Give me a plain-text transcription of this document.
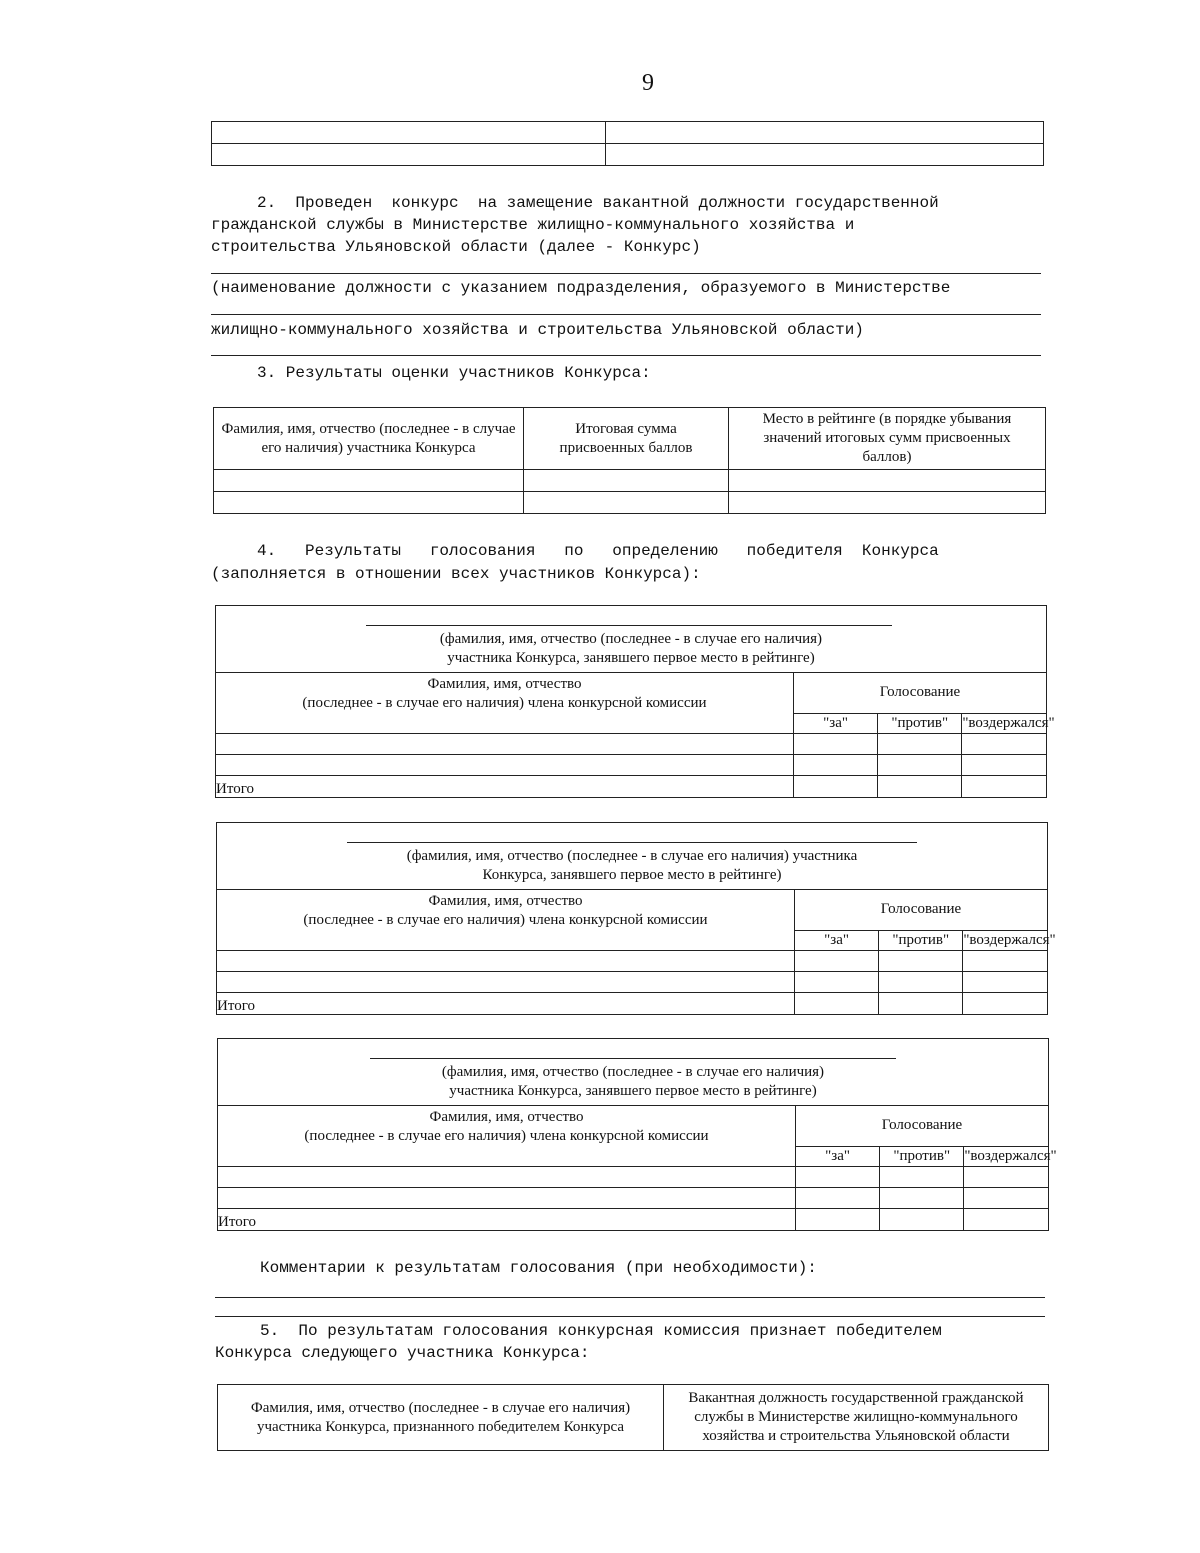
9

2.  Проведен  конкурс  на замещение вакантной должности государственной
гражданской службы в Министерстве жилищно-коммунального хозяйства и
строительства Ульяновской области (далее - Конкурс)
(наименование должности с указанием подразделения, образуемого в Министерстве
жилищно-коммунального хозяйства и строительства Ульяновской области)
3. Результаты оценки участников Конкурса:
Фамилия, имя, отчество (последнее - в случае его наличия) участника Конкурса	Итоговая сумма присвоенных баллов	Место в рейтинге (в порядке убывания значений итоговых сумм присвоенных баллов)

4.   Результаты   голосования   по   определению   победителя  Конкурса
(заполняется в отношении всех участников Конкурса):
(фамилия, имя, отчество (последнее - в случае его наличия)
участника Конкурса, занявшего первое место в рейтинге)
Фамилия, имя, отчество
(последнее - в случае его наличия) члена конкурсной комиссии	Голосование		
	"за"	"против"	"воздержался"

Итого			
(фамилия, имя, отчество (последнее - в случае его наличия) участника
Конкурса, занявшего первое место в рейтинге)
Фамилия, имя, отчество
(последнее - в случае его наличия) члена конкурсной комиссии	Голосование		
	"за"	"против"	"воздержался"

Итого			
(фамилия, имя, отчество (последнее - в случае его наличия)
участника Конкурса, занявшего первое место в рейтинге)
Фамилия, имя, отчество
(последнее - в случае его наличия) члена конкурсной комиссии	Голосование		
	"за"	"против"	"воздержался"

Итого			
Комментарии к результатам голосования (при необходимости):
5.  По результатам голосования конкурсная комиссия признает победителем
Конкурса следующего участника Конкурса:
Фамилия, имя, отчество (последнее - в случае его наличия) участника Конкурса, признанного победителем Конкурса	Вакантная должность государственной гражданской службы в Министерстве жилищно-коммунального хозяйства и строительства Ульяновской области
